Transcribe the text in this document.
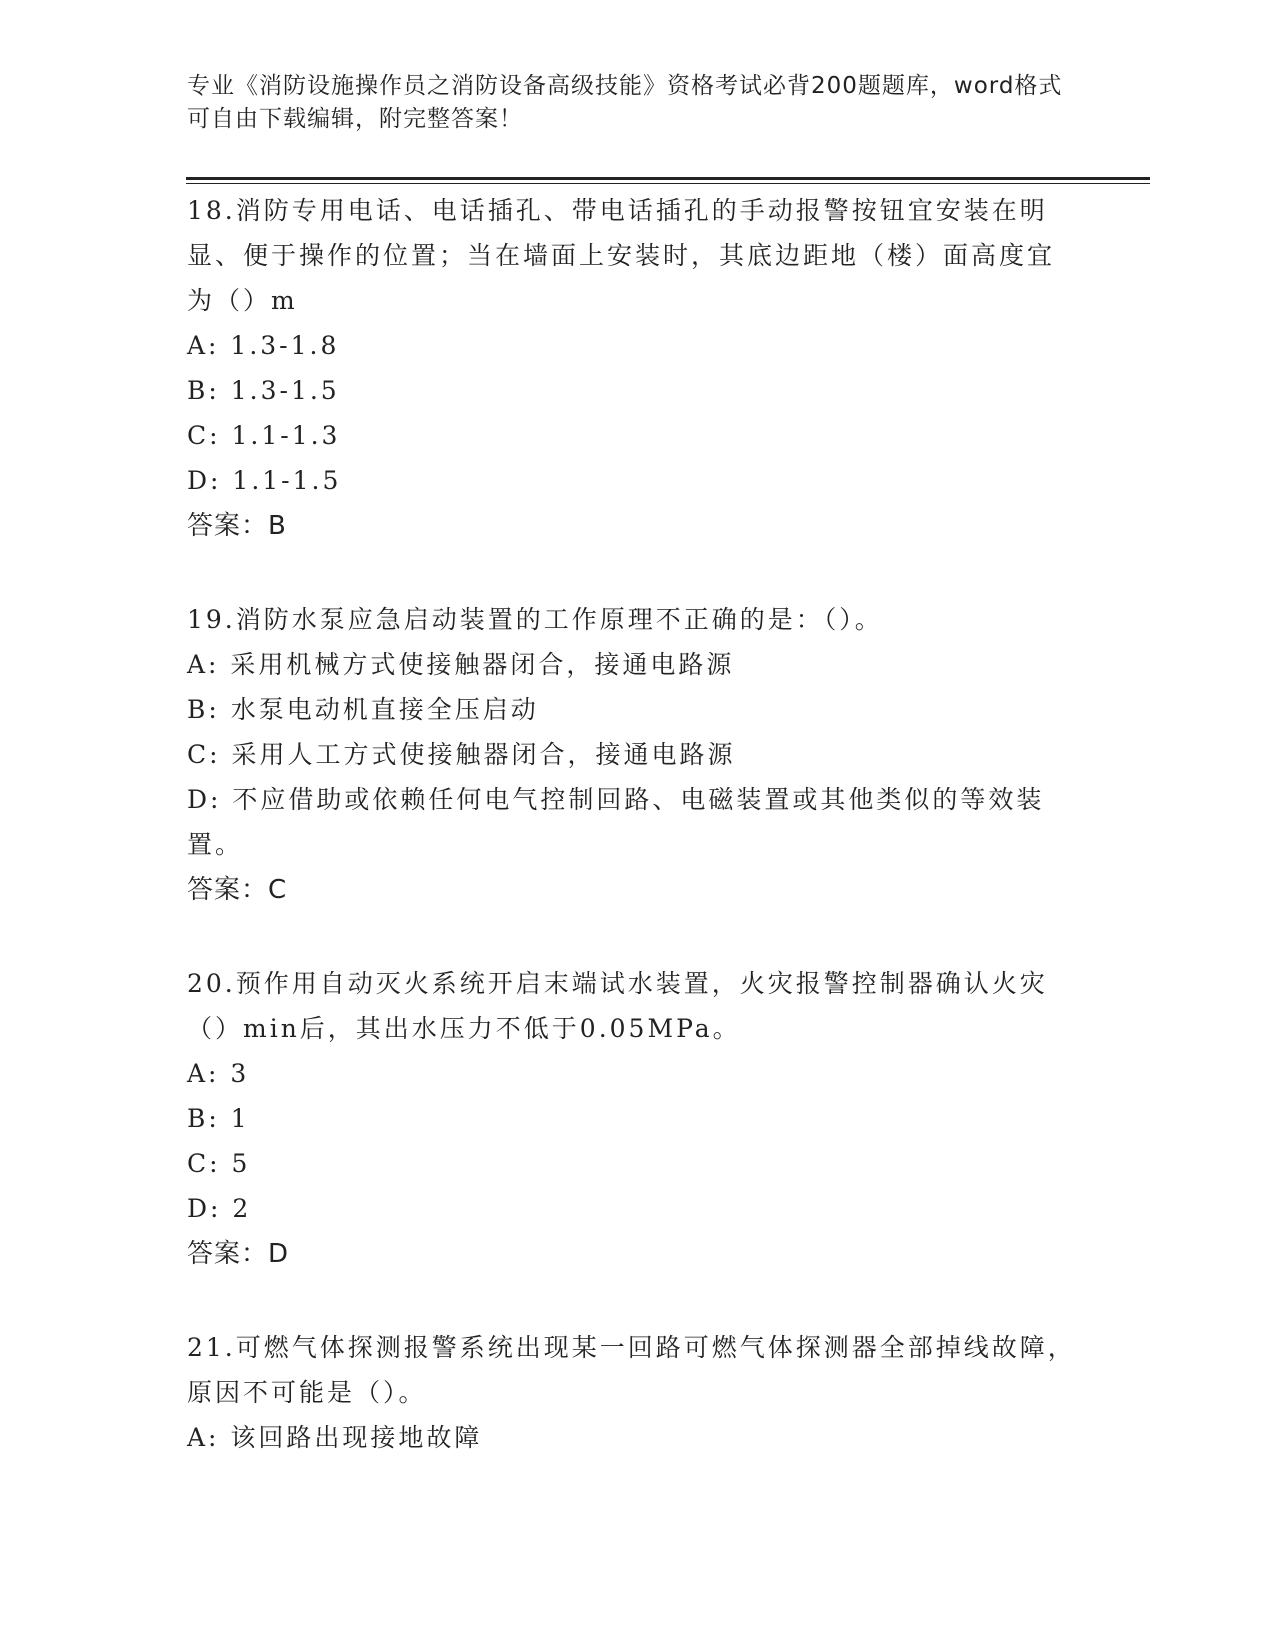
专业《消防设施操作员之消防设备高级技能》资格考试必背200题题库，word格式可自由下载编辑，附完整答案！

18.消防专用电话、电话插孔、带电话插孔的手动报警按钮宜安装在明显、便于操作的位置；当在墙面上安装时，其底边距地（楼）面高度宜为（）m

A: 1.3-1.8

B: 1.3-1.5

C: 1.1-1.3

D: 1.1-1.5

答案：B

19.消防水泵应急启动装置的工作原理不正确的是：（）。

A: 采用机械方式使接触器闭合，接通电路源

B: 水泵电动机直接全压启动

C: 采用人工方式使接触器闭合，接通电路源

D: 不应借助或依赖任何电气控制回路、电磁装置或其他类似的等效装置。

答案：C

20.预作用自动灭火系统开启末端试水装置，火灾报警控制器确认火灾（）min后，其出水压力不低于0.05MPa。

A: 3

B: 1

C: 5

D: 2

答案：D

21.可燃气体探测报警系统出现某一回路可燃气体探测器全部掉线故障，原因不可能是（）。

A: 该回路出现接地故障
